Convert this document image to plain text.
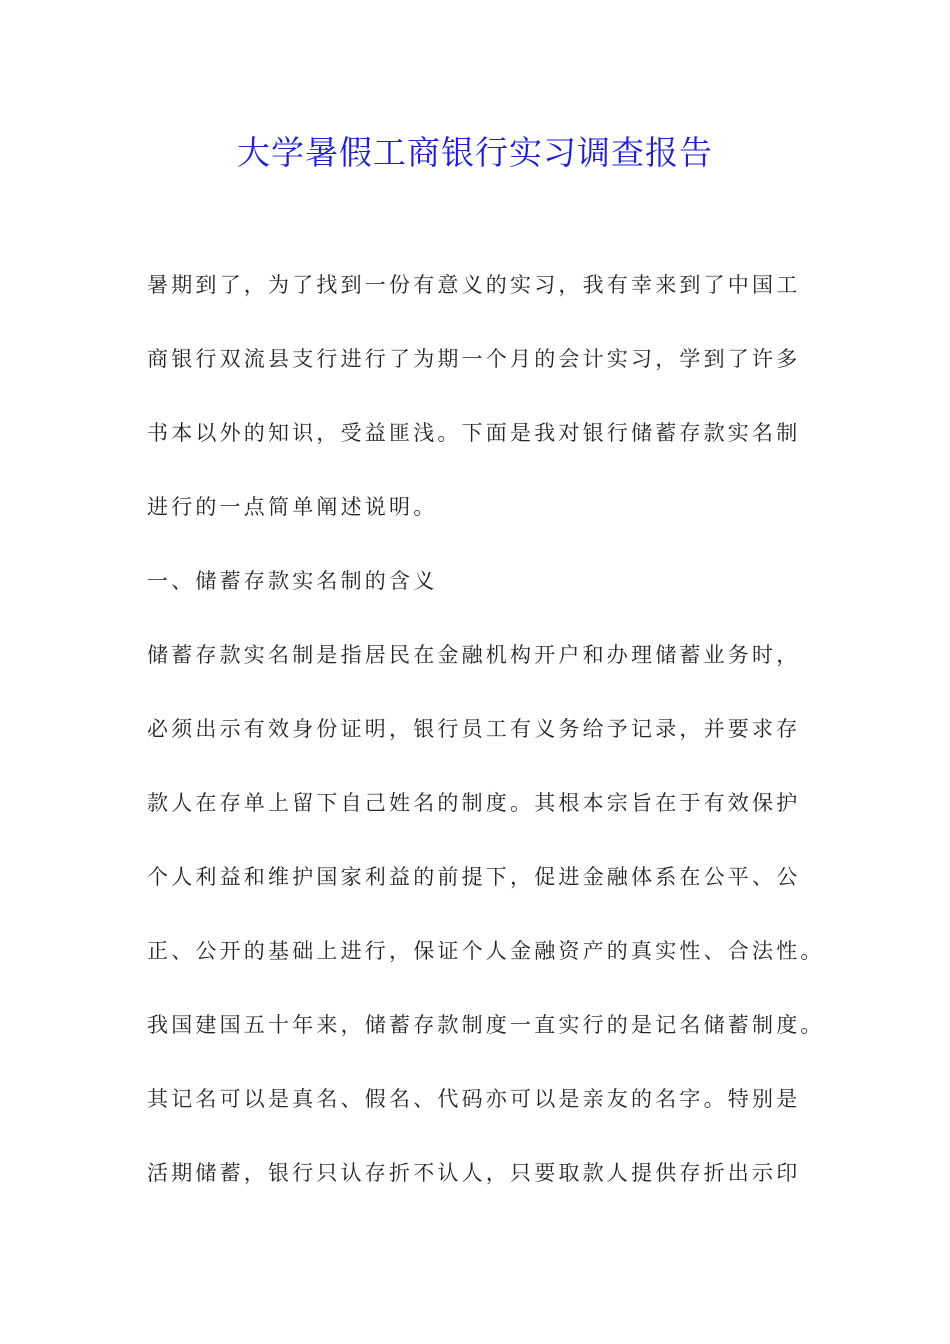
大学暑假工商银行实习调查报告
暑期到了，为了找到一份有意义的实习，我有幸来到了中国工
商银行双流县支行进行了为期一个月的会计实习，学到了许多
书本以外的知识，受益匪浅。下面是我对银行储蓄存款实名制
进行的一点简单阐述说明。
一、储蓄存款实名制的含义
储蓄存款实名制是指居民在金融机构开户和办理储蓄业务时，
必须出示有效身份证明，银行员工有义务给予记录，并要求存
款人在存单上留下自己姓名的制度。其根本宗旨在于有效保护
个人利益和维护国家利益的前提下，促进金融体系在公平、公
正、公开的基础上进行，保证个人金融资产的真实性、合法性。
我国建国五十年来，储蓄存款制度一直实行的是记名储蓄制度。
其记名可以是真名、假名、代码亦可以是亲友的名字。特别是
活期储蓄，银行只认存折不认人，只要取款人提供存折出示印
